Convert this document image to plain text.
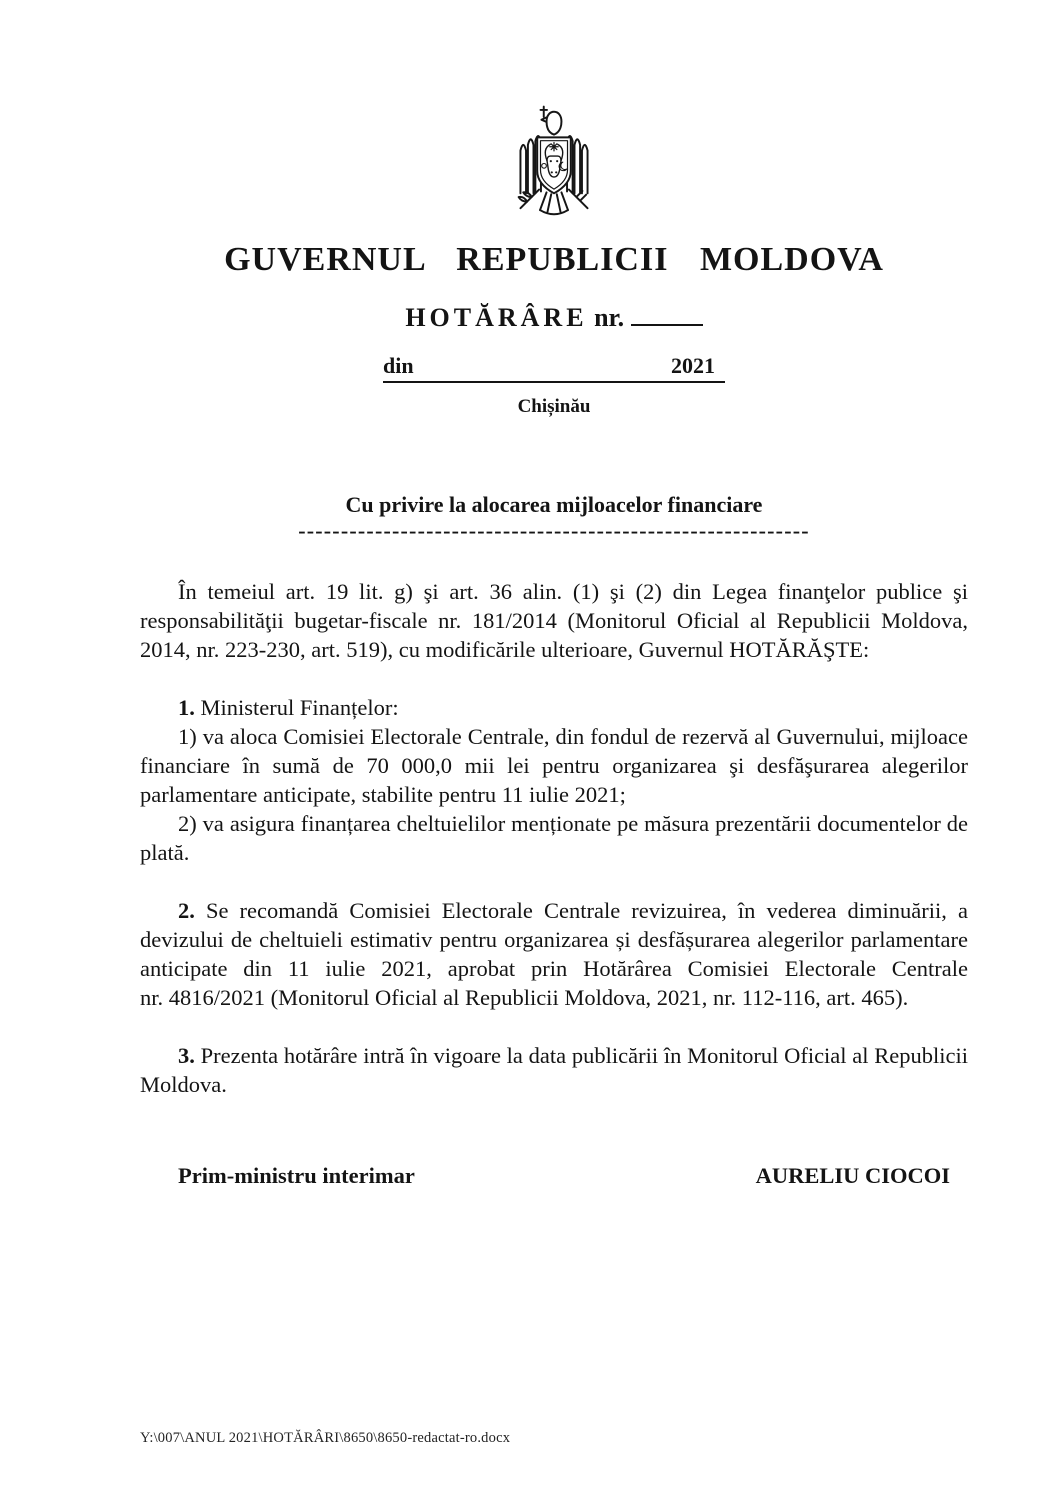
GUVERNUL REPUBLICII MOLDOVA
HOTĂRÂRE nr.
din	2021
Chișinău
Cu privire la alocarea mijloacelor financiare
------------------------------------------------------------

În temeiul art. 19 lit. g) şi art. 36 alin. (1) şi (2) din Legea finanţelor publice şi responsabilităţii bugetar-fiscale nr. 181/2014 (Monitorul Oficial al Republicii Moldova, 2014, nr. 223-230, art. 519), cu modificările ulterioare, Guvernul HOTĂRĂŞTE:

1. Ministerul Finanțelor:

1) va aloca Comisiei Electorale Centrale, din fondul de rezervă al Guvernului, mijloace financiare în sumă de 70 000,0 mii lei pentru organizarea şi desfăşurarea alegerilor parlamentare anticipate, stabilite pentru 11 iulie 2021;

2) va asigura finanțarea cheltuielilor menționate pe măsura prezentării documentelor de plată.

2. Se recomandă Comisiei Electorale Centrale revizuirea, în vederea diminuării, a devizului de cheltuieli estimativ pentru organizarea și desfășurarea alegerilor parlamentare anticipate din 11 iulie 2021, aprobat prin Hotărârea Comisiei Electorale Centrale nr. 4816/2021 (Monitorul Oficial al Republicii Moldova, 2021, nr. 112-116, art. 465).

3. Prezenta hotărâre intră în vigoare la data publicării în Monitorul Oficial al Republicii Moldova.

Prim-ministru interimar	AURELIU CIOCOI
Y:\007\ANUL 2021\HOTĂRÂRI\8650\8650-redactat-ro.docx
